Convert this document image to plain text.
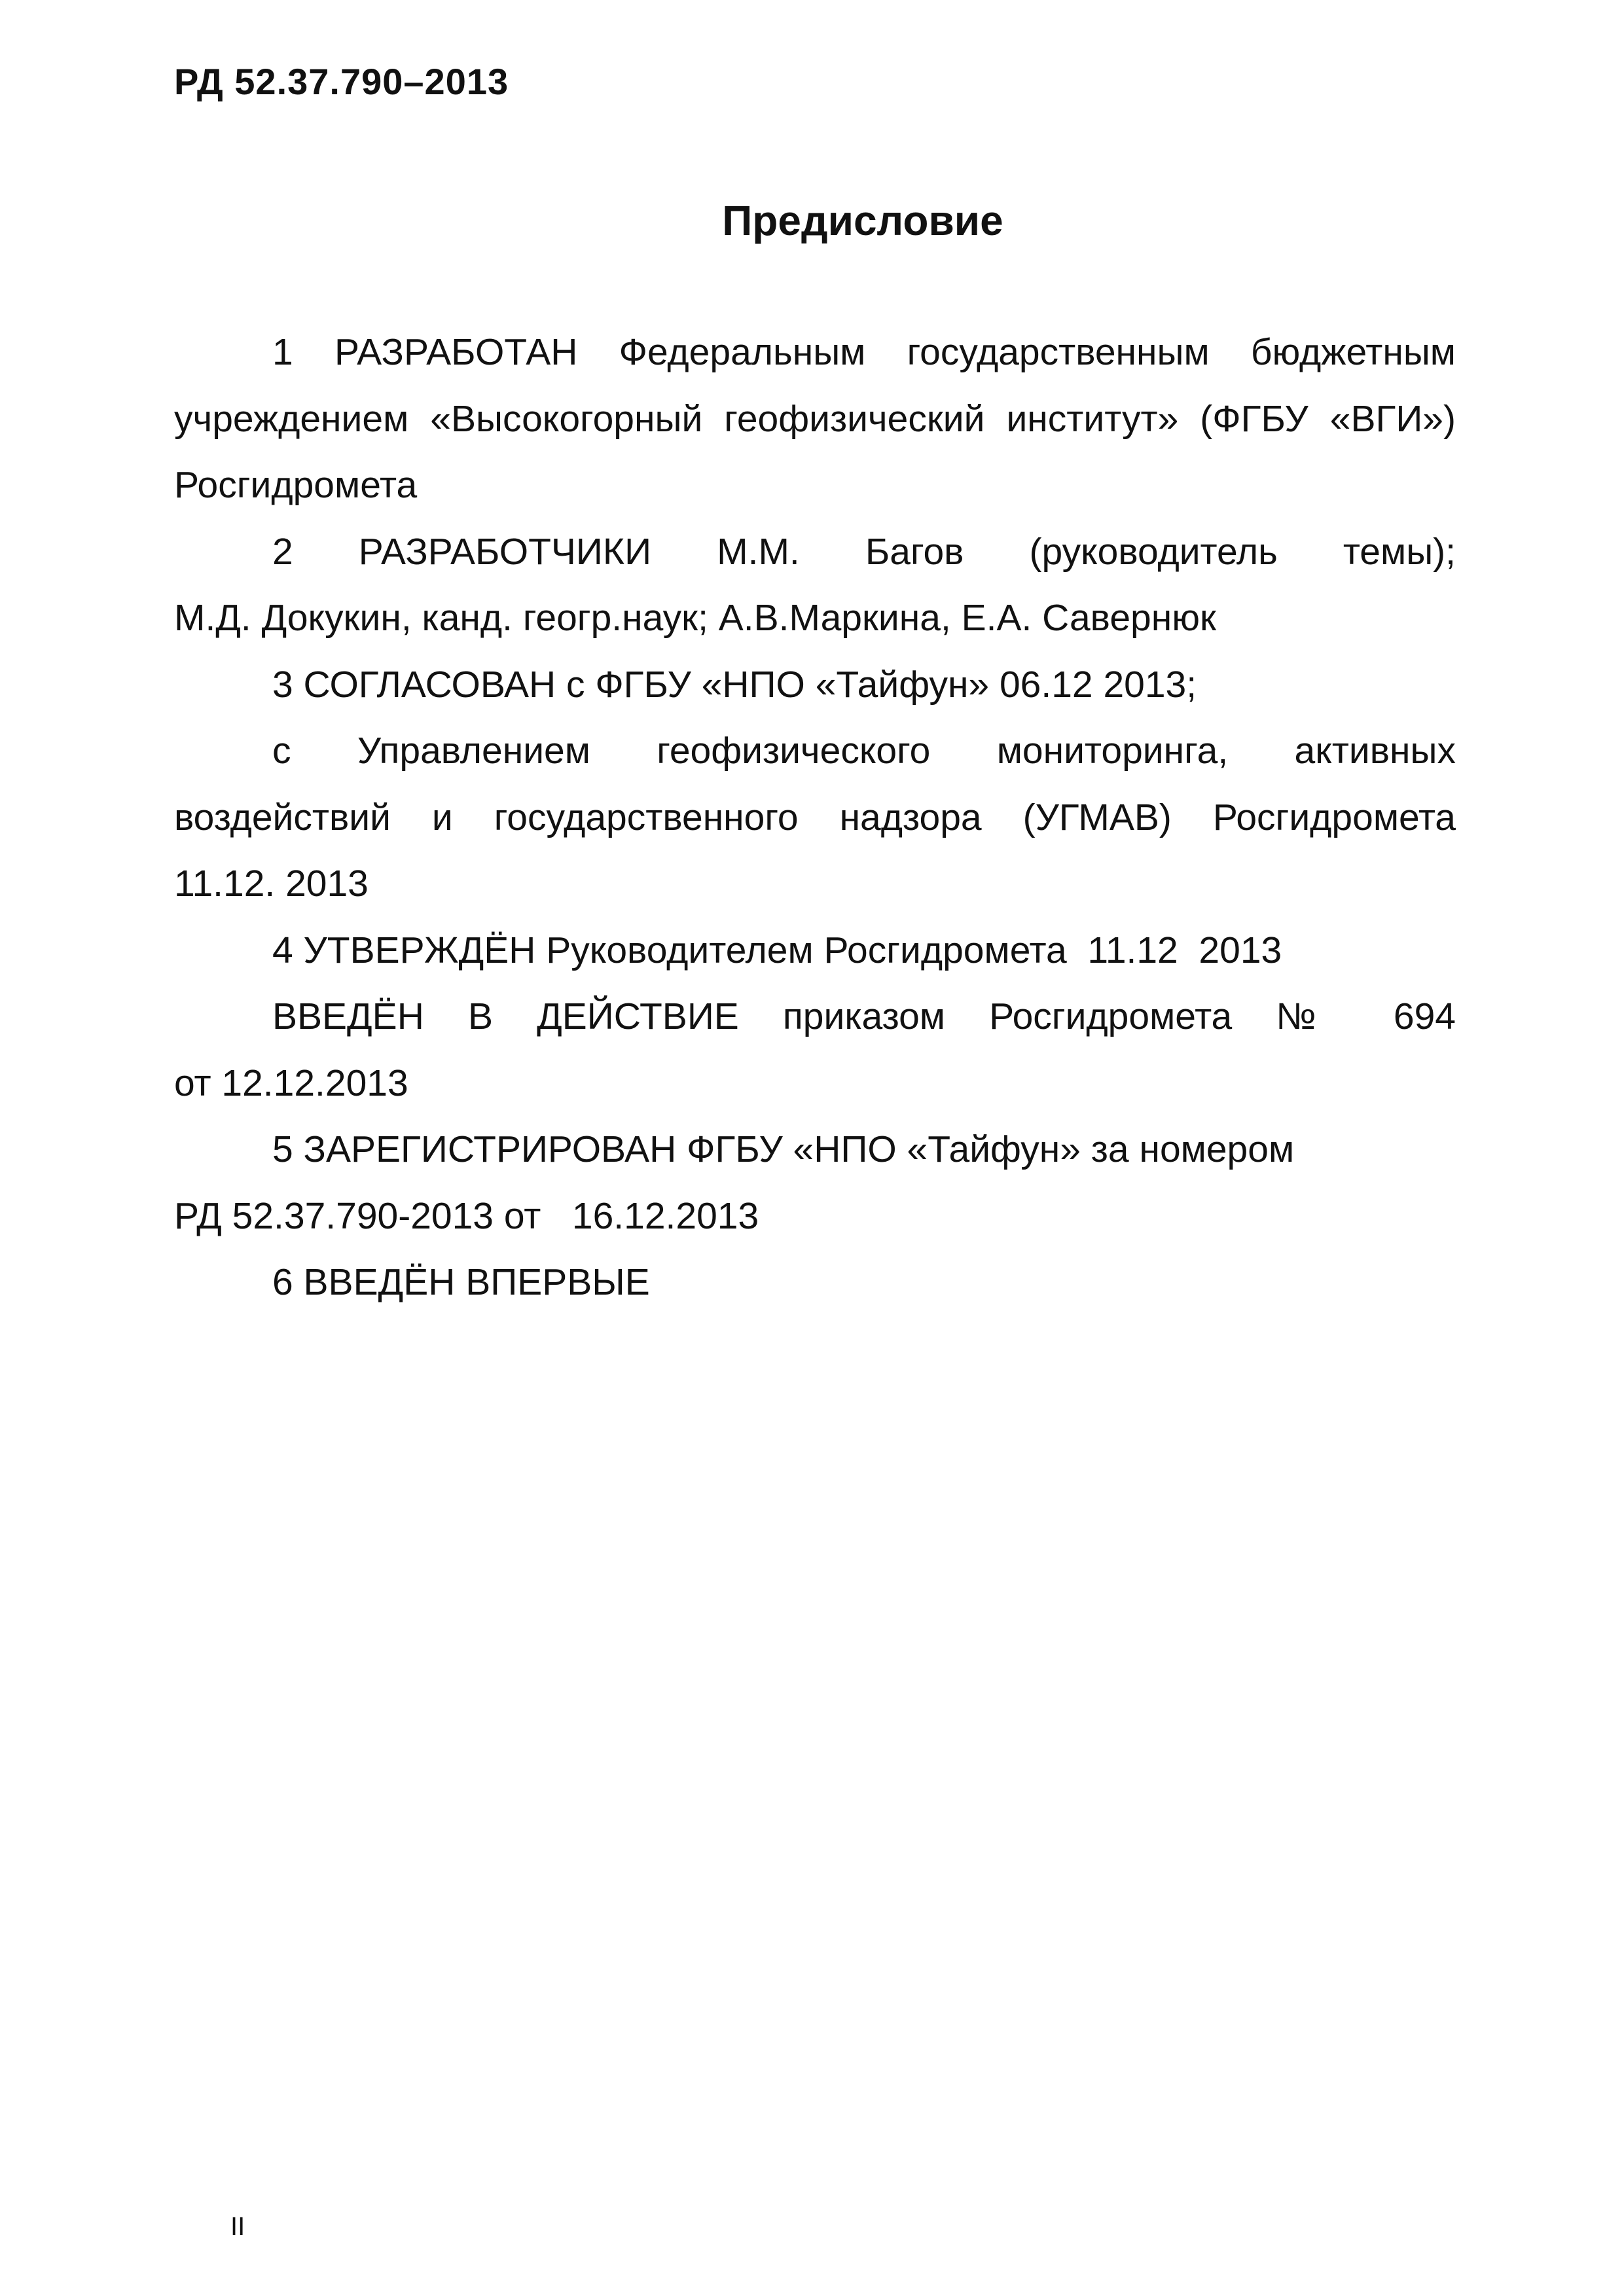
РД 52.37.790–2013
Предисловие
1 РАЗРАБОТАН Федеральным государственным бюджетным
учреждением «Высокогорный геофизический институт» (ФГБУ «ВГИ»)
Росгидромета
2 РАЗРАБОТЧИКИ М.М. Багов (руководитель темы);
М.Д. Докукин, канд. геогр.наук; А.В.Маркина, Е.А. Савернюк
3 СОГЛАСОВАН с ФГБУ «НПО «Тайфун» 06.12 2013;
с Управлением геофизического мониторинга, активных
воздействий и государственного надзора (УГМАВ) Росгидромета
11.12. 2013
4 УТВЕРЖДЁН Руководителем Росгидромета  11.12  2013
ВВЕДЁН В ДЕЙСТВИЕ приказом Росгидромета № 694
от 12.12.2013
5 ЗАРЕГИСТРИРОВАН ФГБУ «НПО «Тайфун» за номером
РД 52.37.790-2013 от   16.12.2013
6 ВВЕДЁН ВПЕРВЫЕ
II
